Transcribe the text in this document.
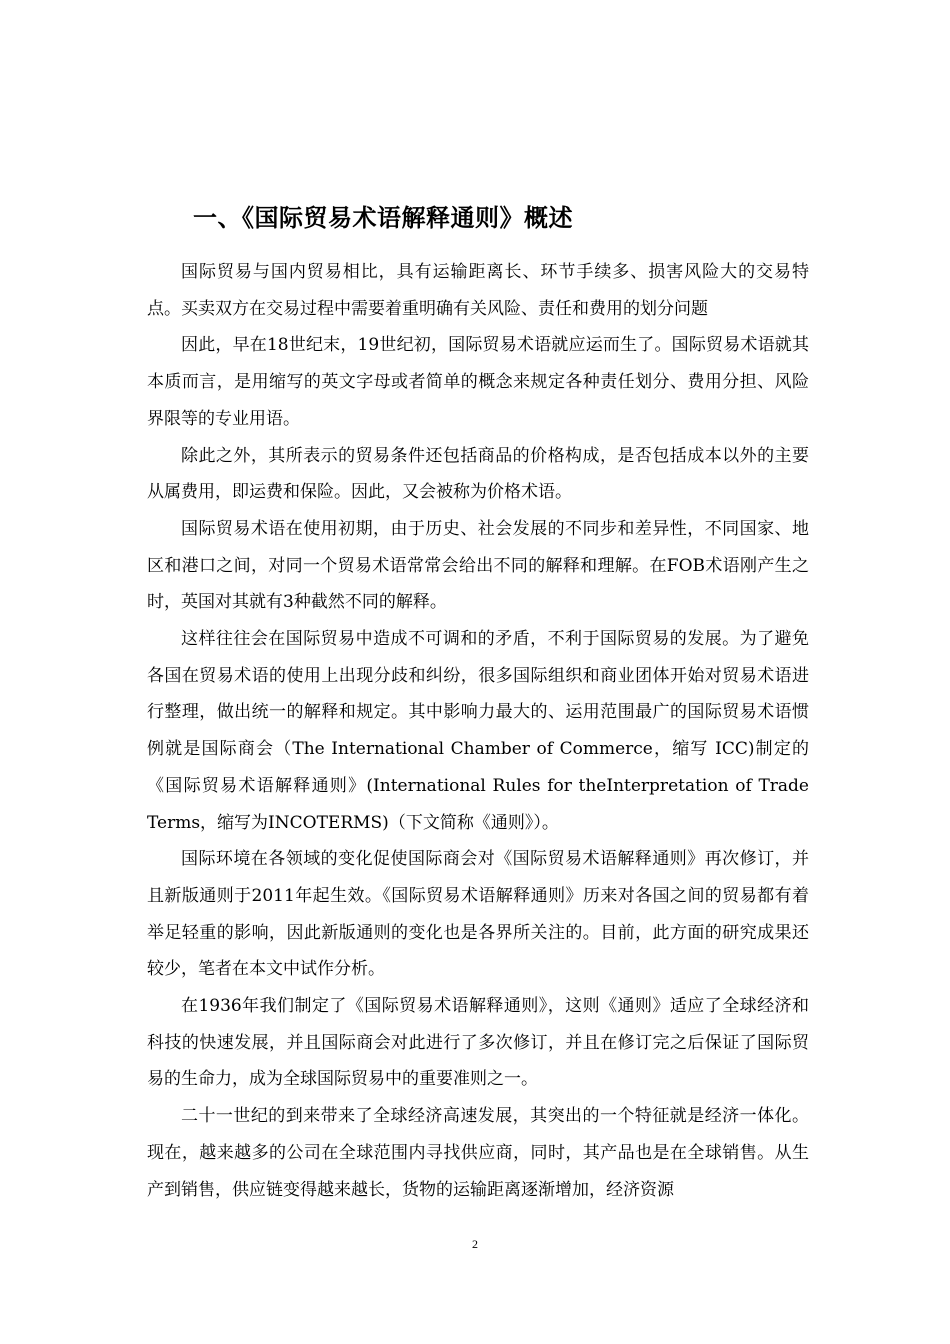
一、《国际贸易术语解释通则》概述

国际贸易与国内贸易相比，具有运输距离长、环节手续多、损害风险大的交易特点。买卖双方在交易过程中需要着重明确有关风险、责任和费用的划分问题

因此，早在18世纪末，19世纪初，国际贸易术语就应运而生了。国际贸易术语就其本质而言，是用缩写的英文字母或者简单的概念来规定各种责任划分、费用分担、风险界限等的专业用语。

除此之外，其所表示的贸易条件还包括商品的价格构成，是否包括成本以外的主要从属费用，即运费和保险。因此，又会被称为价格术语。

国际贸易术语在使用初期，由于历史、社会发展的不同步和差异性，不同国家、地区和港口之间，对同一个贸易术语常常会给出不同的解释和理解。在FOB术语刚产生之时，英国对其就有3种截然不同的解释。

这样往往会在国际贸易中造成不可调和的矛盾，不利于国际贸易的发展。为了避免各国在贸易术语的使用上出现分歧和纠纷，很多国际组织和商业团体开始对贸易术语进行整理，做出统一的解释和规定。其中影响力最大的、运用范围最广的国际贸易术语惯例就是国际商会（The International Chamber of Commerce，缩写 ICC)制定的《国际贸易术语解释通则》(International Rules for theInterpretation of Trade Terms，缩写为INCOTERMS)（下文简称《通则》）。

国际环境在各领域的变化促使国际商会对《国际贸易术语解释通则》再次修订，并且新版通则于2011年起生效。《国际贸易术语解释通则》历来对各国之间的贸易都有着举足轻重的影响，因此新版通则的变化也是各界所关注的。目前，此方面的研究成果还较少，笔者在本文中试作分析。

在1936年我们制定了《国际贸易术语解释通则》，这则《通则》适应了全球经济和科技的快速发展，并且国际商会对此进行了多次修订，并且在修订完之后保证了国际贸易的生命力，成为全球国际贸易中的重要准则之一。

二十一世纪的到来带来了全球经济高速发展，其突出的一个特征就是经济一体化。现在，越来越多的公司在全球范围内寻找供应商，同时，其产品也是在全球销售。从生产到销售，供应链变得越来越长，货物的运输距离逐渐增加，经济资源

2
